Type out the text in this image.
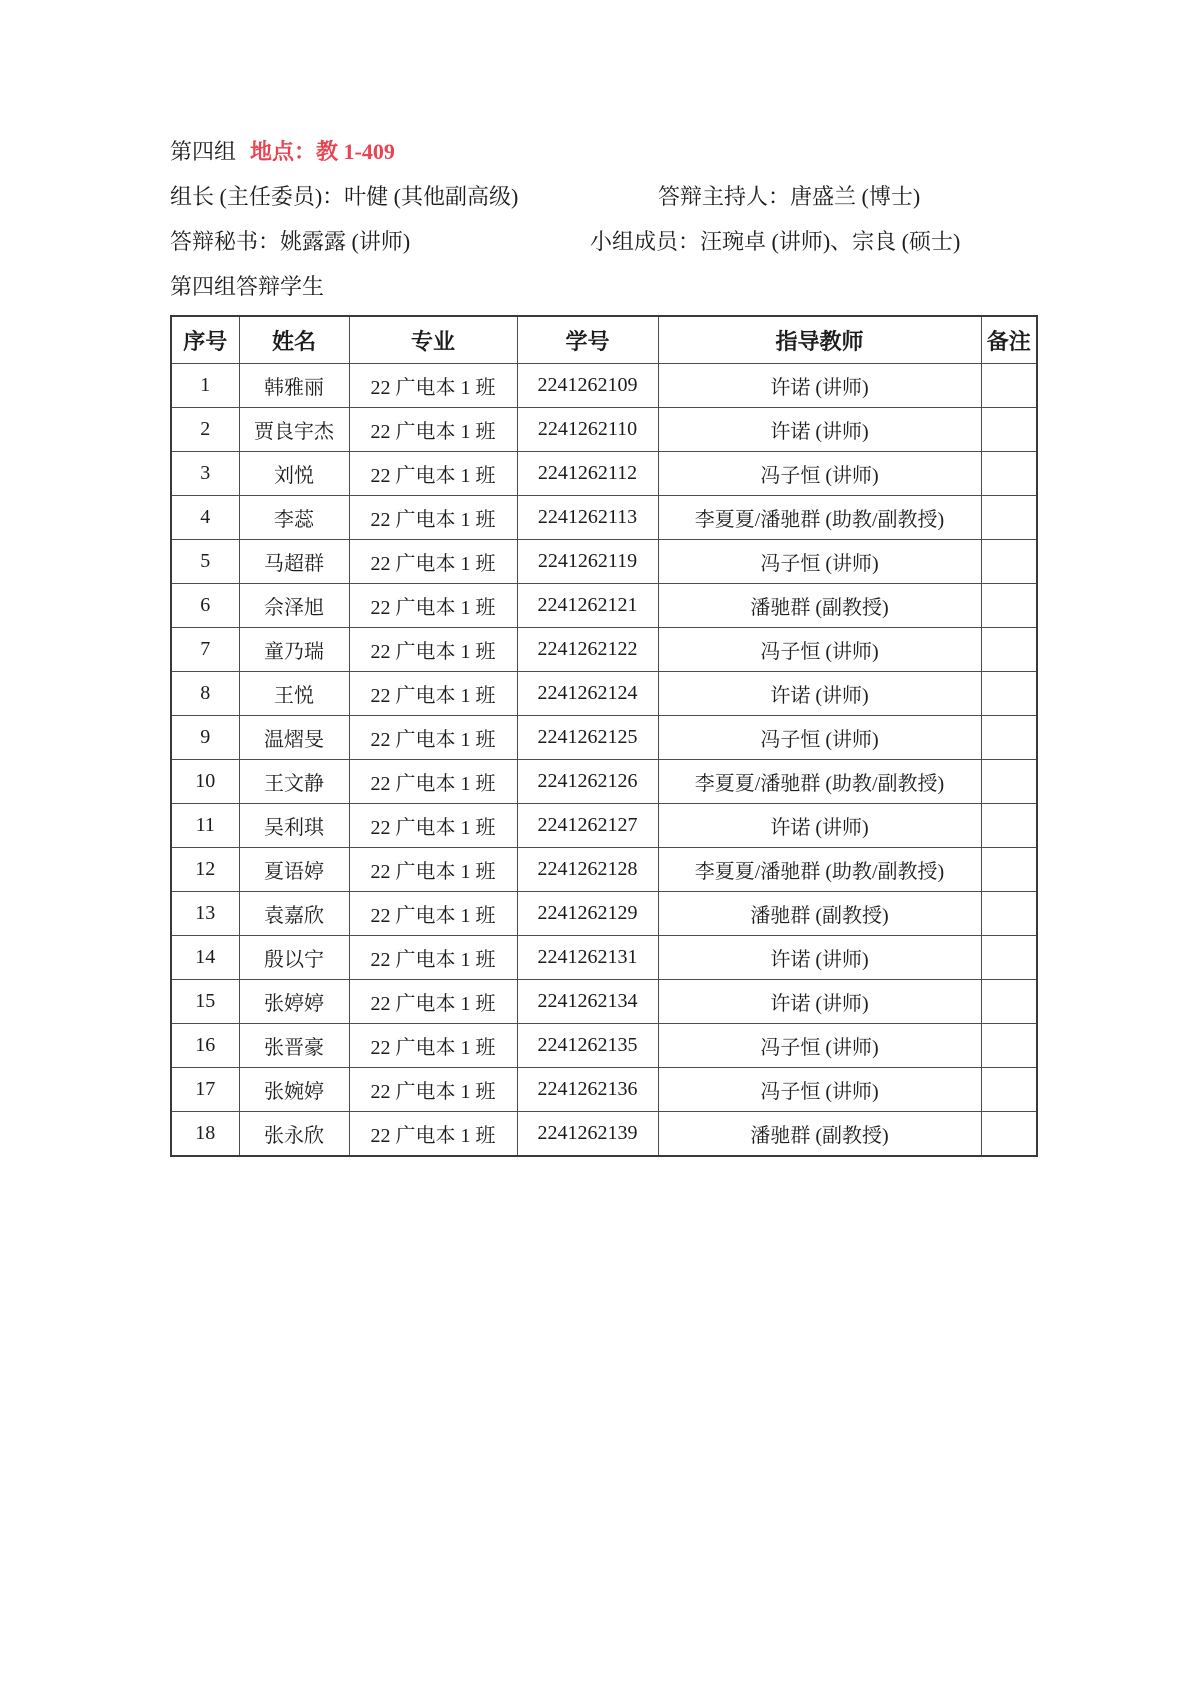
第四组 地点：教 1-409
组长 (主任委员)：叶健 (其他副高级)	答辩主持人：唐盛兰 (博士)
答辩秘书：姚露露 (讲师)	小组成员：汪琬卓 (讲师)、宗良 (硕士)
第四组答辩学生
序号	姓名	专业	学号	指导教师	备注
1	韩雅丽	22 广电本 1 班	2241262109	许诺 (讲师)	
2	贾良宇杰	22 广电本 1 班	2241262110	许诺 (讲师)	
3	刘悦	22 广电本 1 班	2241262112	冯子恒 (讲师)	
4	李蕊	22 广电本 1 班	2241262113	李夏夏/潘驰群 (助教/副教授)	
5	马超群	22 广电本 1 班	2241262119	冯子恒 (讲师)	
6	佘泽旭	22 广电本 1 班	2241262121	潘驰群 (副教授)	
7	童乃瑞	22 广电本 1 班	2241262122	冯子恒 (讲师)	
8	王悦	22 广电本 1 班	2241262124	许诺 (讲师)	
9	温熠旻	22 广电本 1 班	2241262125	冯子恒 (讲师)	
10	王文静	22 广电本 1 班	2241262126	李夏夏/潘驰群 (助教/副教授)	
11	吴利琪	22 广电本 1 班	2241262127	许诺 (讲师)	
12	夏语婷	22 广电本 1 班	2241262128	李夏夏/潘驰群 (助教/副教授)	
13	袁嘉欣	22 广电本 1 班	2241262129	潘驰群 (副教授)	
14	殷以宁	22 广电本 1 班	2241262131	许诺 (讲师)	
15	张婷婷	22 广电本 1 班	2241262134	许诺 (讲师)	
16	张晋豪	22 广电本 1 班	2241262135	冯子恒 (讲师)	
17	张婉婷	22 广电本 1 班	2241262136	冯子恒 (讲师)	
18	张永欣	22 广电本 1 班	2241262139	潘驰群 (副教授)	
